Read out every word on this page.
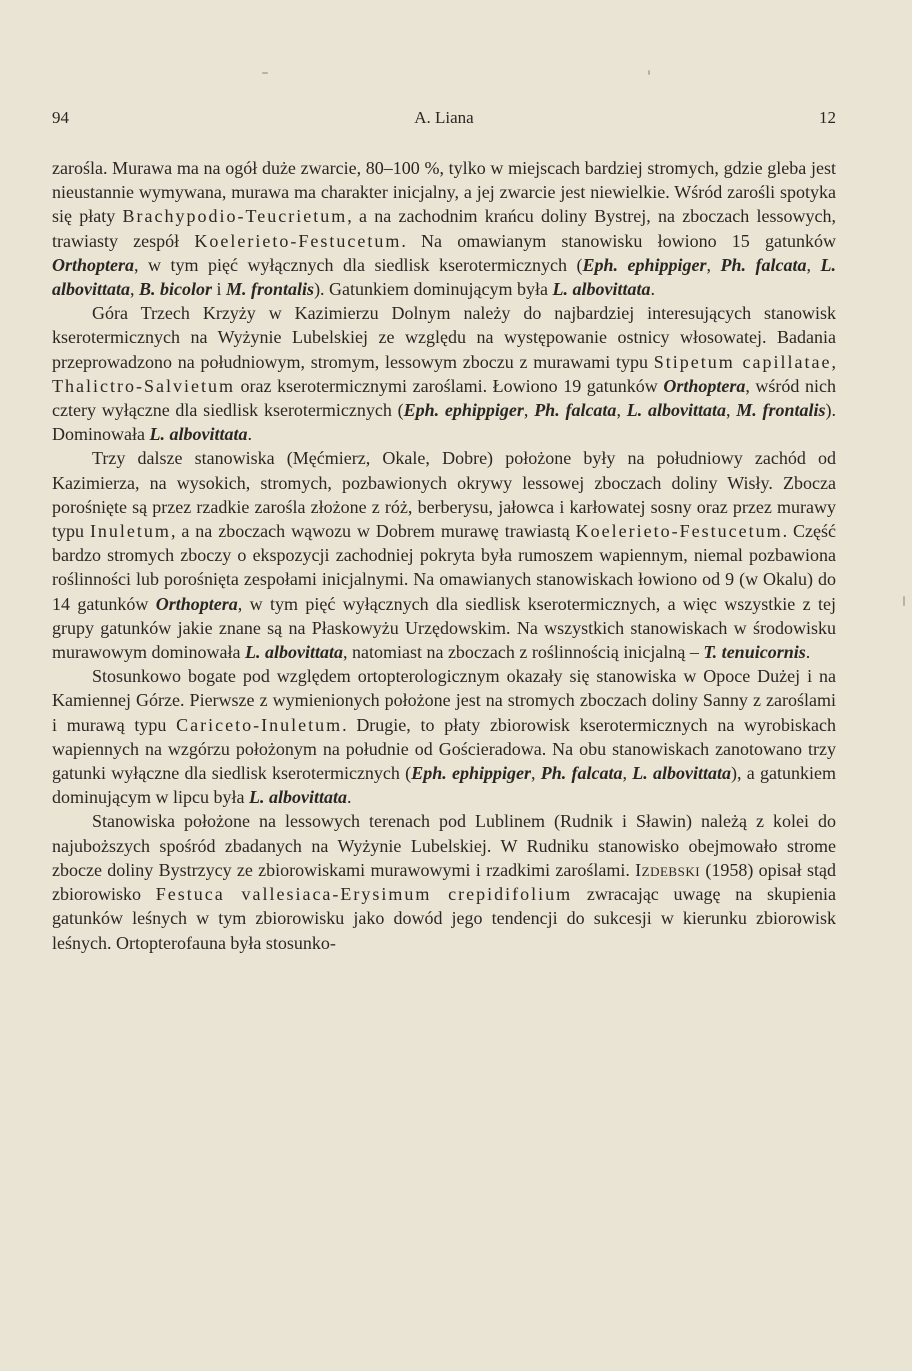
94	A. Liana	12

zarośla. Murawa ma na ogół duże zwarcie, 80–100 %, tylko w miejscach bardziej stromych, gdzie gleba jest nieustannie wymywana, murawa ma charakter inicjalny, a jej zwarcie jest niewielkie. Wśród zarośli spotyka się płaty Brachypodio-Teucrietum, a na zachodnim krańcu doliny Bystrej, na zboczach lessowych, trawiasty zespół Koelerieto-Festucetum. Na omawianym stanowisku łowiono 15 gatunków Orthoptera, w tym pięć wyłącznych dla siedlisk kserotermicznych (Eph. ephippiger, Ph. falcata, L. albovittata, B. bicolor i M. frontalis). Gatunkiem dominującym była L. albovittata.

Góra Trzech Krzyży w Kazimierzu Dolnym należy do najbardziej interesujących stanowisk kserotermicznych na Wyżynie Lubelskiej ze względu na występowanie ostnicy włosowatej. Badania przeprowadzono na południowym, stromym, lessowym zboczu z murawami typu Stipetum capillatae, Thalictro-Salvietum oraz kserotermicznymi zaroślami. Łowiono 19 gatunków Orthoptera, wśród nich cztery wyłączne dla siedlisk kserotermicznych (Eph. ephippiger, Ph. falcata, L. albovittata, M. frontalis). Dominowała L. albovittata.

Trzy dalsze stanowiska (Męćmierz, Okale, Dobre) położone były na południowy zachód od Kazimierza, na wysokich, stromych, pozbawionych okrywy lessowej zboczach doliny Wisły. Zbocza porośnięte są przez rzadkie zarośla złożone z róż, berberysu, jałowca i karłowatej sosny oraz przez murawy typu Inuletum, a na zboczach wąwozu w Dobrem murawę trawiastą Koelerieto-Festucetum. Część bardzo stromych zboczy o ekspozycji zachodniej pokryta była rumoszem wapiennym, niemal pozbawiona roślinności lub porośnięta zespołami inicjalnymi. Na omawianych stanowiskach łowiono od 9 (w Okalu) do 14 gatunków Orthoptera, w tym pięć wyłącznych dla siedlisk kserotermicznych, a więc wszystkie z tej grupy gatunków jakie znane są na Płaskowyżu Urzędowskim. Na wszystkich stanowiskach w środowisku murawowym dominowała L. albovittata, natomiast na zboczach z roślinnością inicjalną – T. tenuicornis.

Stosunkowo bogate pod względem ortopterologicznym okazały się stanowiska w Opoce Dużej i na Kamiennej Górze. Pierwsze z wymienionych położone jest na stromych zboczach doliny Sanny z zaroślami i murawą typu Cariceto-Inuletum. Drugie, to płaty zbiorowisk kserotermicznych na wyrobiskach wapiennych na wzgórzu położonym na południe od Gościeradowa. Na obu stanowiskach zanotowano trzy gatunki wyłączne dla siedlisk kserotermicznych (Eph. ephippiger, Ph. falcata, L. albovittata), a gatunkiem dominującym w lipcu była L. albovittata.

Stanowiska położone na lessowych terenach pod Lublinem (Rudnik i Sławin) należą z kolei do najuboższych spośród zbadanych na Wyżynie Lubelskiej. W Rudniku stanowisko obejmowało strome zbocze doliny Bystrzycy ze zbiorowiskami murawowymi i rzadkimi zaroślami. Izdebski (1958) opisał stąd zbiorowisko Festuca vallesiaca-Erysimum crepidifolium zwracając uwagę na skupienia gatunków leśnych w tym zbiorowisku jako dowód jego tendencji do sukcesji w kierunku zbiorowisk leśnych. Ortopterofauna była stosunko-
